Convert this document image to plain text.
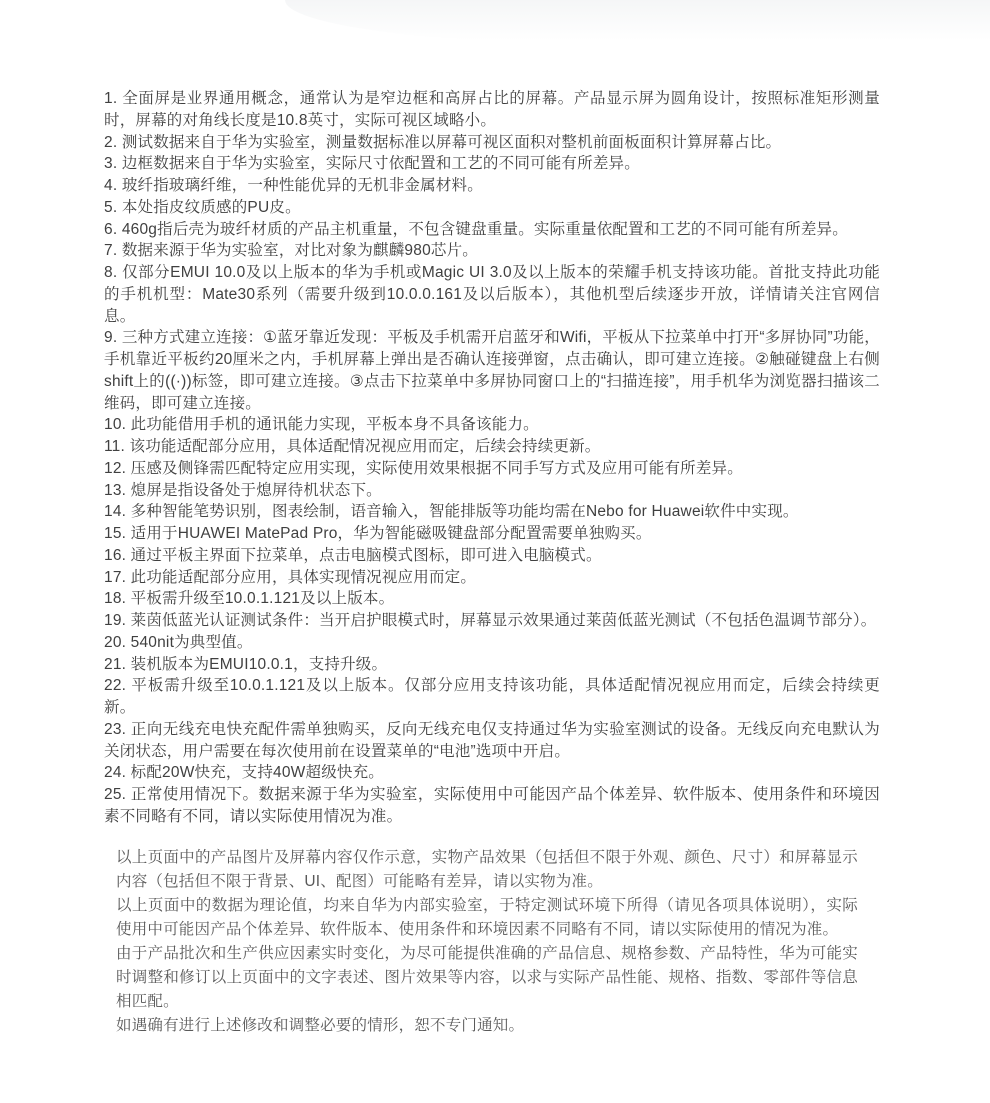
1. 全面屏是业界通用概念，通常认为是窄边框和高屏占比的屏幕。产品显示屏为圆角设计，按照标准矩形测量时，屏幕的对角线长度是10.8英寸，实际可视区域略小。

2. 测试数据来自于华为实验室，测量数据标准以屏幕可视区面积对整机前面板面积计算屏幕占比。

3. 边框数据来自于华为实验室，实际尺寸依配置和工艺的不同可能有所差异。

4. 玻纤指玻璃纤维，一种性能优异的无机非金属材料。

5. 本处指皮纹质感的PU皮。

6. 460g指后壳为玻纤材质的产品主机重量，不包含键盘重量。实际重量依配置和工艺的不同可能有所差异。

7. 数据来源于华为实验室，对比对象为麒麟980芯片。

8. 仅部分EMUI 10.0及以上版本的华为手机或Magic UI 3.0及以上版本的荣耀手机支持该功能。首批支持此功能的手机机型：Mate30系列（需要升级到10.0.0.161及以后版本），其他机型后续逐步开放，详情请关注官网信息。

9. 三种方式建立连接：①蓝牙靠近发现：平板及手机需开启蓝牙和Wifi，平板从下拉菜单中打开“多屏协同”功能，手机靠近平板约20厘米之内，手机屏幕上弹出是否确认连接弹窗，点击确认，即可建立连接。②触碰键盘上右侧shift上的((·))标签，即可建立连接。③点击下拉菜单中多屏协同窗口上的“扫描连接”，用手机华为浏览器扫描该二维码，即可建立连接。

10. 此功能借用手机的通讯能力实现，平板本身不具备该能力。

11. 该功能适配部分应用，具体适配情况视应用而定，后续会持续更新。

12. 压感及侧锋需匹配特定应用实现，实际使用效果根据不同手写方式及应用可能有所差异。

13. 熄屏是指设备处于熄屏待机状态下。

14. 多种智能笔势识别，图表绘制，语音输入，智能排版等功能均需在Nebo for Huawei软件中实现。

15. 适用于HUAWEI MatePad Pro，华为智能磁吸键盘部分配置需要单独购买。

16. 通过平板主界面下拉菜单，点击电脑模式图标，即可进入电脑模式。

17. 此功能适配部分应用，具体实现情况视应用而定。

18. 平板需升级至10.0.1.121及以上版本。

19. 莱茵低蓝光认证测试条件：当开启护眼模式时，屏幕显示效果通过莱茵低蓝光测试（不包括色温调节部分）。

20. 540nit为典型值。

21. 装机版本为EMUI10.0.1，支持升级。

22. 平板需升级至10.0.1.121及以上版本。仅部分应用支持该功能，具体适配情况视应用而定，后续会持续更新。

23. 正向无线充电快充配件需单独购买，反向无线充电仅支持通过华为实验室测试的设备。无线反向充电默认为关闭状态，用户需要在每次使用前在设置菜单的“电池”选项中开启。

24. 标配20W快充，支持40W超级快充。

25. 正常使用情况下。数据来源于华为实验室，实际使用中可能因产品个体差异、软件版本、使用条件和环境因素不同略有不同，请以实际使用情况为准。

以上页面中的产品图片及屏幕内容仅作示意，实物产品效果（包括但不限于外观、颜色、尺寸）和屏幕显示内容（包括但不限于背景、UI、配图）可能略有差异，请以实物为准。

以上页面中的数据为理论值，均来自华为内部实验室，于特定测试环境下所得（请见各项具体说明），实际使用中可能因产品个体差异、软件版本、使用条件和环境因素不同略有不同，请以实际使用的情况为准。

由于产品批次和生产供应因素实时变化，为尽可能提供准确的产品信息、规格参数、产品特性，华为可能实时调整和修订以上页面中的文字表述、图片效果等内容，以求与实际产品性能、规格、指数、零部件等信息相匹配。

如遇确有进行上述修改和调整必要的情形，恕不专门通知。
